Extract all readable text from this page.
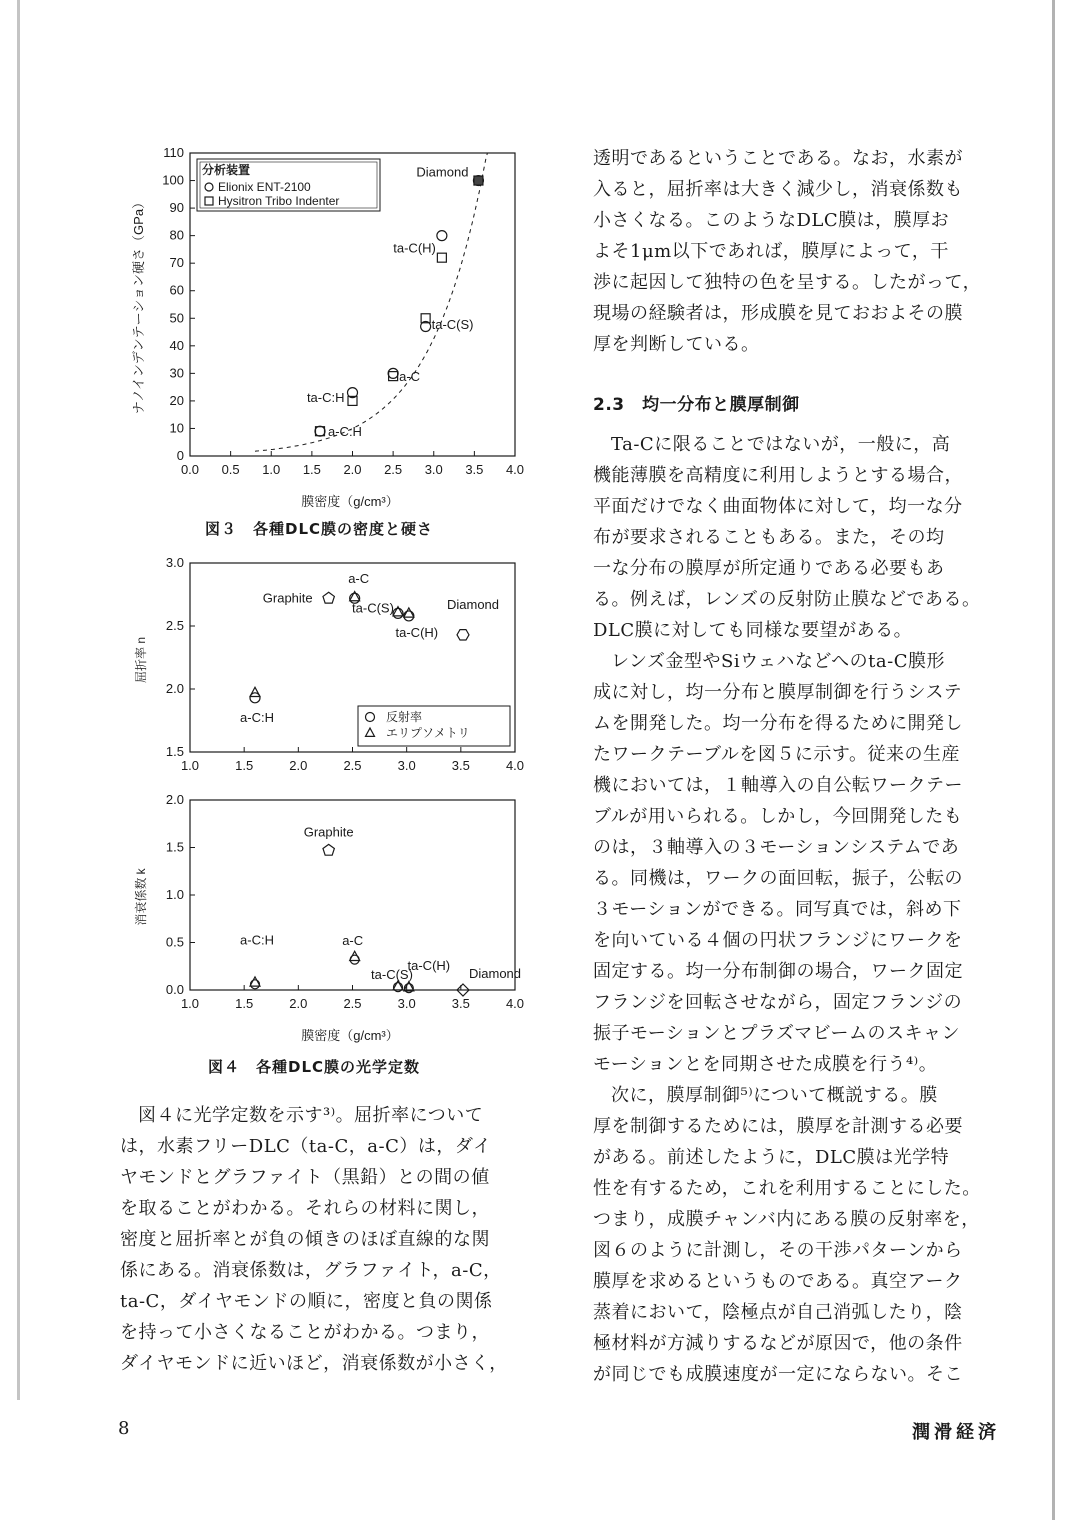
0.0 0.5 1.0 1.5 2.0 2.5 3.0 3.5 4.0
0
10
20
30
40
50
60
70
80
90
100
110
Diamond
ta-C(H)
ta-C(S)
a-C
ta-C:H
a-C:H
分析装置
Elionix ENT-2100
Hysitron Tribo Indenter
膜密度（g/cm³）
ナノインデンテーション硬さ（GPa）
1.0	1.5	2.0	2.5	3.0	3.5	4.0
1.5
2.0
2.5
3.0
Graphite
a-C
ta-C(S)	Diamond
ta-C(H)
a-C:H	反射率
エリプソメトリ
屈折率 n
1.0	1.5	2.0	2.5	3.0	3.5	4.0
0.0
0.5
1.0
1.5
2.0
Graphite
a-C:H	a-C
ta-C(S)
ta-C(H)
Diamond
膜密度（g/cm³）
消衰係数 k
図３　各種DLC膜の密度と硬さ
図４　各種DLC膜の光学定数
図４に光学定数を示す³⁾。屈折率について
は，水素フリーDLC（ta-C，a-C）は，ダイ
ヤモンドとグラファイト（黒鉛）との間の値
を取ることがわかる。それらの材料に関し，
密度と屈折率とが負の傾きのほぼ直線的な関
係にある。消衰係数は，グラファイト，a-C，
ta-C，ダイヤモンドの順に，密度と負の関係
を持って小さくなることがわかる。つまり，
ダイヤモンドに近いほど，消衰係数が小さく，
透明であるということである。なお，水素が
入ると，屈折率は大きく減少し，消衰係数も
小さくなる。このようなDLC膜は，膜厚お
よそ1μm以下であれば，膜厚によって，干
渉に起因して独特の色を呈する。したがって，
現場の経験者は，形成膜を見ておおよその膜
厚を判断している。
2.3　均一分布と膜厚制御
Ta-Cに限ることではないが，一般に，高
機能薄膜を高精度に利用しようとする場合，
平面だけでなく曲面物体に対して，均一な分
布が要求されることもある。また，その均
一な分布の膜厚が所定通りである必要もあ
る。例えば，レンズの反射防止膜などである。
DLC膜に対しても同様な要望がある。
レンズ金型やSiウェハなどへのta-C膜形
成に対し，均一分布と膜厚制御を行うシステ
ムを開発した。均一分布を得るために開発し
たワークテーブルを図５に示す。従来の生産
機においては，１軸導入の自公転ワークテー
ブルが用いられる。しかし，今回開発したも
のは，３軸導入の３モーションシステムであ
る。同機は，ワークの面回転，振子，公転の
３モーションができる。同写真では，斜め下
を向いている４個の円状フランジにワークを
固定する。均一分布制御の場合，ワーク固定
フランジを回転させながら，固定フランジの
振子モーションとプラズマビームのスキャン
モーションとを同期させた成膜を行う⁴⁾。
次に，膜厚制御⁵⁾について概説する。膜
厚を制御するためには，膜厚を計測する必要
がある。前述したように，DLC膜は光学特
性を有するため，これを利用することにした。
つまり，成膜チャンバ内にある膜の反射率を，
図６のように計測し，その干渉パターンから
膜厚を求めるというものである。真空アーク
蒸着において，陰極点が自己消弧したり，陰
極材料が方減りするなどが原因で，他の条件
が同じでも成膜速度が一定にならない。そこ
8	潤滑経済
